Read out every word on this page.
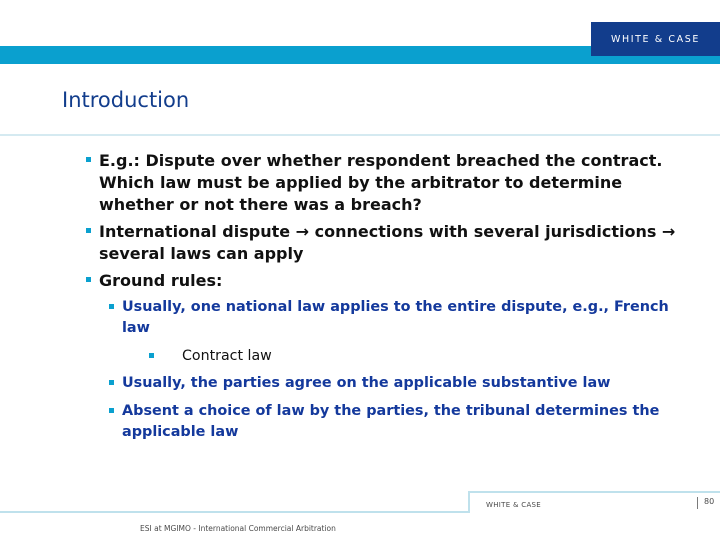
WHITE & CASE
Introduction
E.g.: Dispute over whether respondent breached the contract. Which law must be applied by the arbitrator to determine whether or not there was a breach?
International dispute → connections with several jurisdictions → several laws can apply
Ground rules:
Usually, one national law applies to the entire dispute, e.g., French law
Contract law
Usually, the parties agree on the applicable substantive law
Absent a choice of law by the parties, the tribunal determines the applicable law
WHITE & CASE	80
ESI at MGIMO - International Commercial Arbitration
